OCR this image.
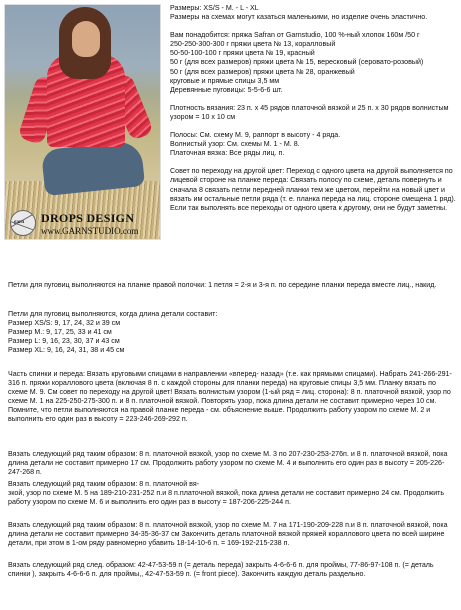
garn DROPS DESIGN
www.GARNSTUDIO.com

Размеры: XS/S - M. - L - XL

Размеры на схемах могут казаться маленькими, но изделие очень эластично.

Вам понадобится: пряжа Safran от Garnstudio, 100 %-ный хлопок 160м /50 г

250-250-300-300 г пряжи цвета № 13, коралловый

50-50-100-100 г пряжи цвета № 19, красный

50 г (для всех размеров) пряжи цвета № 15, вересковый (серовато-розовый)

50 г (для всех размеров) пряжи цвета № 28, оранжевый

круговые и прямые спицы 3,5 мм

Деревянные пуговицы: 5-5-6-6 шт.

Плотность вязания: 23 п. x 45 рядов платочной вязкой и 25 п. x 30 рядов волнистым узором = 10 x 10 см

Полосы: См. схему М. 9, раппорт в высоту - 4 ряда.

Волнистый узор: См. схемы М. 1 - М. 8.

Платочная вязка: Все ряды лиц. п.

Совет по переходу на другой цвет: Переход с одного цвета на другой выполняется по лицевой стороне на планке переда: Связать полосу по схеме, деталь повернуть и сначала 8 связать петли передней планки тем же цветом, перейти на новый цвет и вязать им остальные петли ряда (т. е. планка переда на лиц. стороне смещена 1 ряд). Если так выполнять все переходы от одного цвета к другому, они не будут заметны.

Петли для пуговиц выполняются на планке правой полочки: 1 петля = 2-я и 3-я п. по середине планки переда вместе лиц., накид.

Петли для пуговиц выполняются, когда длина детали составит:

Размер XS/S: 9, 17, 24, 32 и 39 см

Размер M.: 9, 17, 25, 33 и 41 см

Размер L: 9, 16, 23, 30, 37 и 43 см

Размер XL: 9, 16, 24, 31, 38 и 45 см

Часть спинки и переда: Вязать круговыми спицами в направлении «вперед- назад» (т.е. как прямыми спицами). Набрать 241-266-291-316 п. пряжи кораллового цвета (включая 8 п. с каждой стороны для планки переда) на круговые спицы 3,5 мм. Планку вязать по схеме М. 9. См совет по переходу на другой цвет! Вязать волнистым узором (1-ый ряд = лиц. сторона): 8 п. платочной вязкой, узор по схеме М. 1 на 225-250-275-300 п. и 8 п. платочной вязкой. Повторять узор, пока длина детали не составит примерно через 10 см. Помните, что петли выполняются на правой планке переда - см. объяснение выше. Продолжить работу узором по схеме М. 2 и выполнить его один раз в высоту = 223-246-269-292 п.

Вязать следующий ряд таким образом: 8 п. платочной вязкой, узор по схеме М. 3 по 207-230-253-276п. и 8 п. платочной вязкой, пока длина детали не составит примерно 17 см. Продолжить работу узором по схеме М. 4 и выполнить его один раз в высоту = 205-226-247-268 п.

Вязать следующий ряд таким образом: 8 п. платочной вя-
зкой, узор по схеме М. 5 на 189-210-231-252 п.и 8 п.платочной вязкой, пока длина детали не составит примерно 24 см. Продолжить работу узором по схеме М. 6 и выполнить его один раз в высоту = 187-206-225-244 п.

Вязать следующий ряд таким образом: 8 п. платочной вязкой, узор по схеме М. 7 на 171-190-209-228 п.и 8 п. платочной вязкой, пока длина детали не составит примерно 34-35-36-37 см Закончить деталь платочной вязкой пряжей кораллового цвета по всей ширине детали, при этом в 1-ом ряду равномерно убавить 18-14-10-6 п. = 169-192-215-238 п.

Вязать следующий ряд след. образом: 42-47-53-59 п (= деталь переда) закрыть 4-6-6-6 п. для проймы, 77-86-97-108 п. (= деталь спинки ), закрыть 4-6-6-6 п. для проймы,, 42-47-53-59 п. (= front piece). Закончить каждую деталь раздельно.
